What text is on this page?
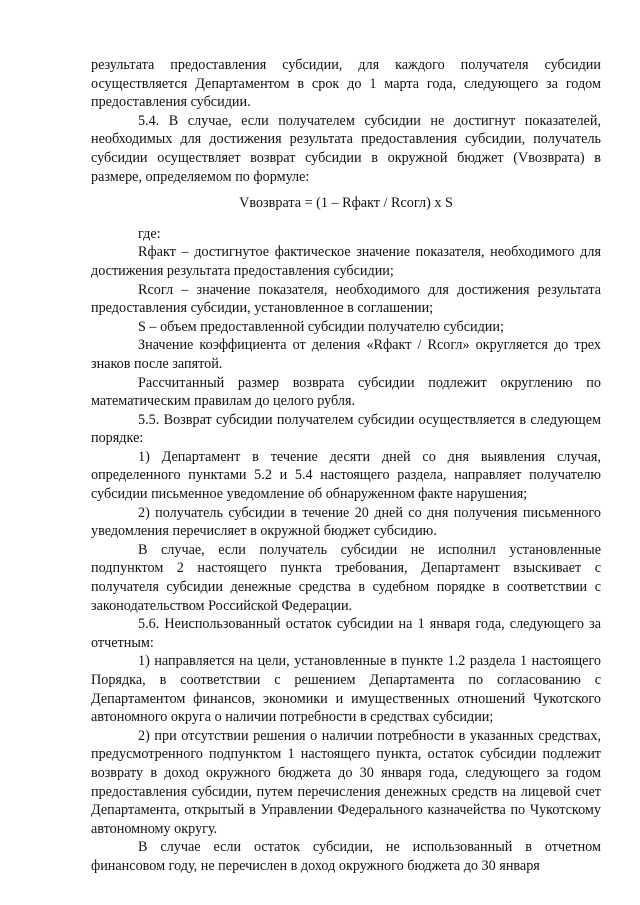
результата предоставления субсидии, для каждого получателя субсидии осуществляется Департаментом в срок до 1 марта года, следующего за годом предоставления субсидии.

5.4. В случае, если получателем субсидии не достигнут показателей, необходимых для достижения результата предоставления субсидии, получатель субсидии осуществляет возврат субсидии в окружной бюджет (Vвозврата) в размере, определяемом по формуле:

Vвозврата = (1 – Rфакт / Rсогл) x S

где:

Rфакт – достигнутое фактическое значение показателя, необходимого для достижения результата предоставления субсидии;

Rсогл – значение показателя, необходимого для достижения результата предоставления субсидии, установленное в соглашении;

S – объем предоставленной субсидии получателю субсидии;

Значение коэффициента от деления «Rфакт / Rсогл» округляется до трех знаков после запятой.

Рассчитанный размер возврата субсидии подлежит округлению по математическим правилам до целого рубля.

5.5. Возврат субсидии получателем субсидии осуществляется в следующем порядке:

1) Департамент в течение десяти дней со дня выявления случая, определенного пунктами 5.2 и 5.4 настоящего раздела, направляет получателю субсидии письменное уведомление об обнаруженном факте нарушения;

2) получатель субсидии в течение 20 дней со дня получения письменного уведомления перечисляет в окружной бюджет субсидию.

В случае, если получатель субсидии не исполнил установленные подпунктом 2 настоящего пункта требования, Департамент взыскивает с получателя субсидии денежные средства в судебном порядке в соответствии с законодательством Российской Федерации.

5.6. Неиспользованный остаток субсидии на 1 января года, следующего за отчетным:

1) направляется на цели, установленные в пункте 1.2 раздела 1 настоящего Порядка, в соответствии с решением Департамента по согласованию с Департаментом финансов, экономики и имущественных отношений Чукотского автономного округа о наличии потребности в средствах субсидии;

2) при отсутствии решения о наличии потребности в указанных средствах, предусмотренного подпунктом 1 настоящего пункта, остаток субсидии подлежит возврату в доход окружного бюджета до 30 января года, следующего за годом предоставления субсидии, путем перечисления денежных средств на лицевой счет Департамента, открытый в Управлении Федерального казначейства по Чукотскому автономному округу.

В случае если остаток субсидии, не использованный в отчетном финансовом году, не перечислен в доход окружного бюджета до 30 января
